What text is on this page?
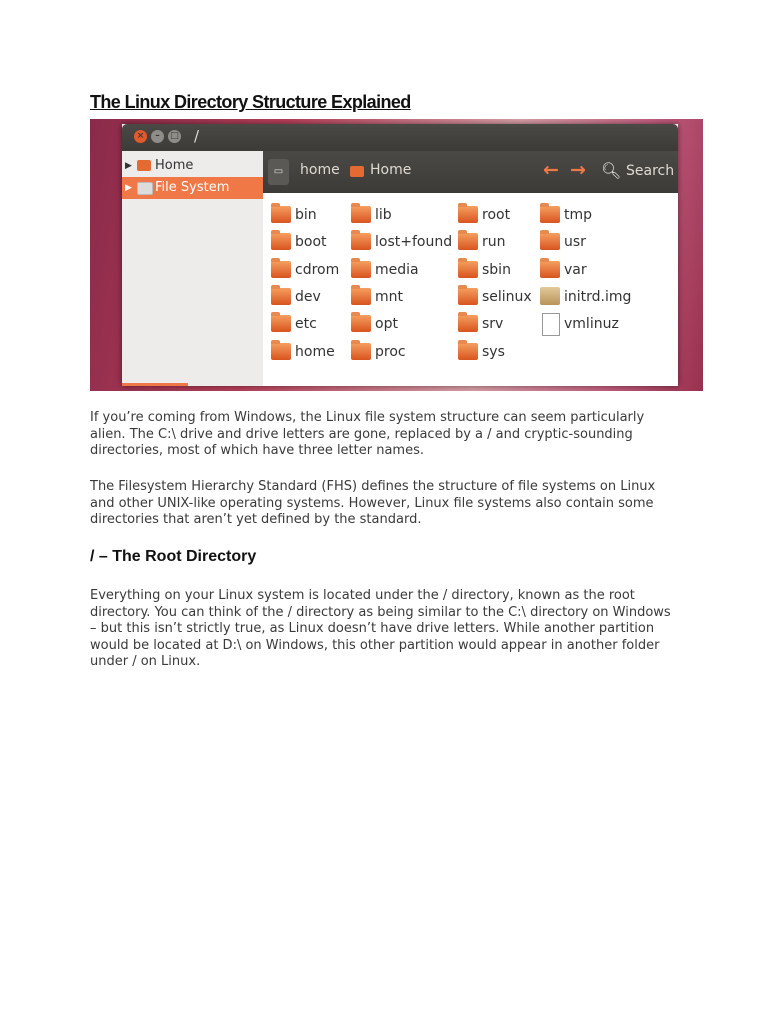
The Linux Directory Structure Explained
×	–	□ /
▶ Home
▶ File System
▭	home Home	← → 🔍︎ Search
bin
boot
cdrom
dev
etc
home
lib
lost+found
media
mnt
opt
proc
root
run
sbin
selinux
srv
sys
tmp
usr
var
initrd.img
vmlinuz

If you’re coming from Windows, the Linux file system structure can seem particularly alien. The C:\ drive and drive letters are gone, replaced by a / and cryptic-sounding directories, most of which have three letter names.

The Filesystem Hierarchy Standard (FHS) defines the structure of file systems on Linux and other UNIX-like operating systems. However, Linux file systems also contain some directories that aren’t yet defined by the standard.

/ – The Root Directory

Everything on your Linux system is located under the / directory, known as the root directory. You can think of the / directory as being similar to the C:\ directory on Windows – but this isn’t strictly true, as Linux doesn’t have drive letters. While another partition would be located at D:\ on Windows, this other partition would appear in another folder under / on Linux.
